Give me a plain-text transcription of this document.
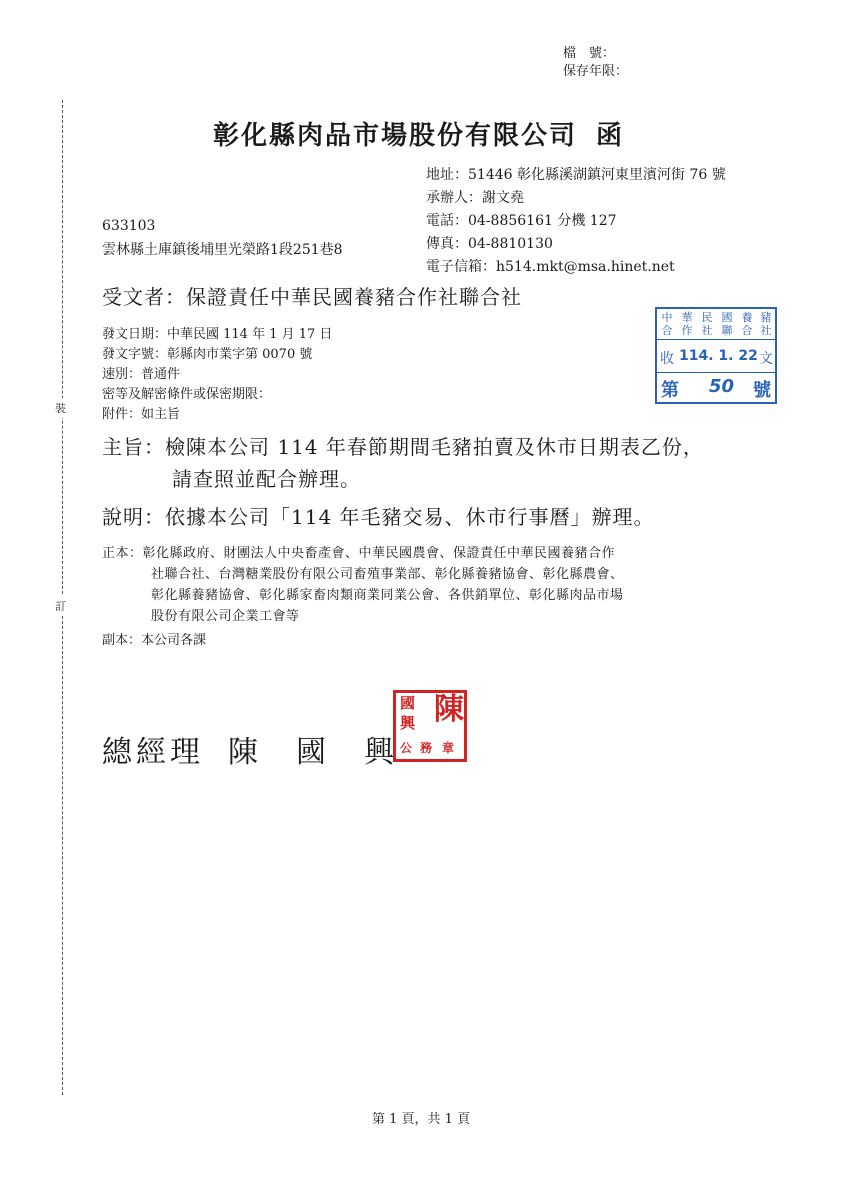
裝
訂
檔　號：
保存年限：
彰化縣肉品市場股份有限公司 函
地址：51446 彰化縣溪湖鎮河東里濱河街 76 號
承辦人：謝文堯
電話：04-8856161 分機 127
傳真：04-8810130
電子信箱：h514.mkt@msa.hinet.net
633103
雲林縣土庫鎮後埔里光榮路1段251巷8
受文者：保證責任中華民國養豬合作社聯合社
發文日期：中華民國 114 年 1 月 17 日
發文字號：彰縣肉市業字第 0070 號
速別：普通件
密等及解密條件或保密期限：
附件：如主旨
中
合
華
作
民
社
國
聯
養
合
豬
社
收 114. 1. 22 文
第 50 號
主旨：檢陳本公司 114 年春節期間毛豬拍賣及休市日期表乙份，
請查照並配合辦理。
說明：依據本公司「114 年毛豬交易、休市行事曆」辦理。
正本：彰化縣政府、財團法人中央畜產會、中華民國農會、保證責任中華民國養豬合作
社聯合社、台灣糖業股份有限公司畜殖事業部、彰化縣養豬協會、彰化縣農會、
彰化縣養豬協會、彰化縣家畜肉類商業同業公會、各供銷單位、彰化縣肉品市場
股份有限公司企業工會等
副本：本公司各課
總經理 陳　國　興
陳
國
興
公 務 章
第 1 頁，共 1 頁
